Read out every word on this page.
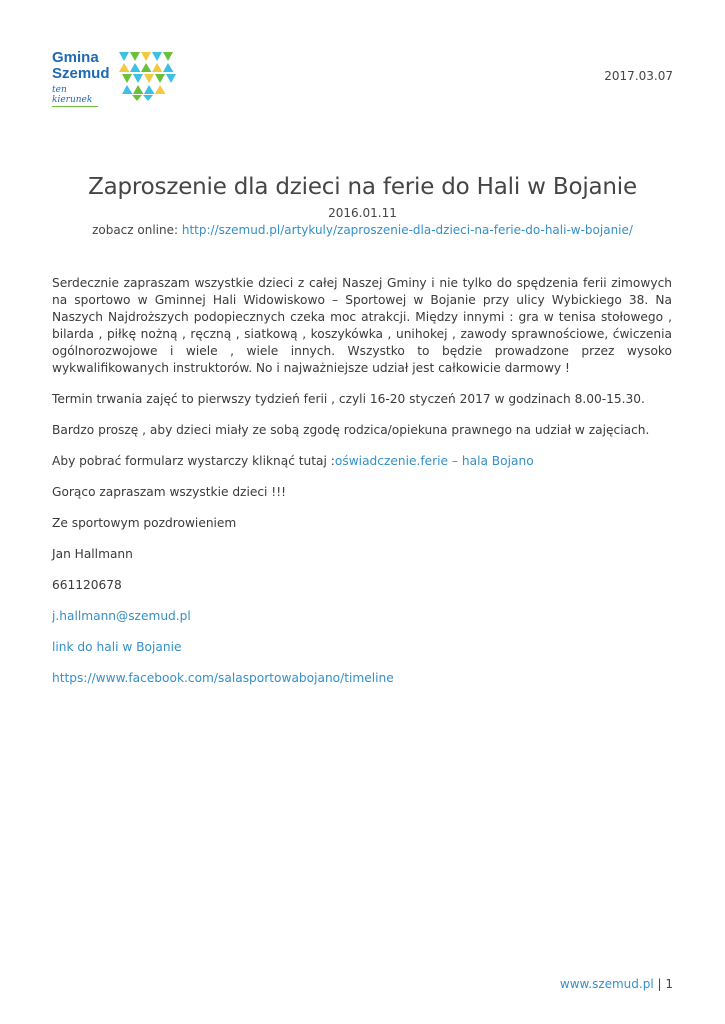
Gmina
Szemud
ten kierunek
2017.03.07
Zaproszenie dla dzieci na ferie do Hali w Bojanie
2016.01.11
zobacz online: http://szemud.pl/artykuly/zaproszenie-dla-dzieci-na-ferie-do-hali-w-bojanie/

Serdecznie zapraszam wszystkie dzieci z całej Naszej Gminy i nie tylko do spędzenia ferii zimowych na sportowo w Gminnej Hali Widowiskowo – Sportowej w Bojanie przy ulicy Wybickiego 38. Na Naszych Najdroższych podopiecznych czeka moc atrakcji. Między innymi : gra w tenisa stołowego , bilarda , piłkę nożną , ręczną , siatkową , koszykówka , unihokej , zawody sprawnościowe, ćwiczenia ogólnorozwojowe i wiele , wiele innych. Wszystko to będzie prowadzone przez wysoko wykwalifikowanych instruktorów. No i najważniejsze udział jest całkowicie darmowy !

Termin trwania zajęć to pierwszy tydzień ferii , czyli 16-20 styczeń 2017 w godzinach 8.00-15.30.

Bardzo proszę , aby dzieci miały ze sobą zgodę rodzica/opiekuna prawnego na udział w zajęciach.

Aby pobrać formularz wystarczy kliknąć tutaj :oświadczenie.ferie – hala Bojano

Gorąco zapraszam wszystkie dzieci !!!

Ze sportowym pozdrowieniem

Jan Hallmann

661120678

j.hallmann@szemud.pl

link do hali w Bojanie

https://www.facebook.com/salasportowabojano/timeline

www.szemud.pl | 1
